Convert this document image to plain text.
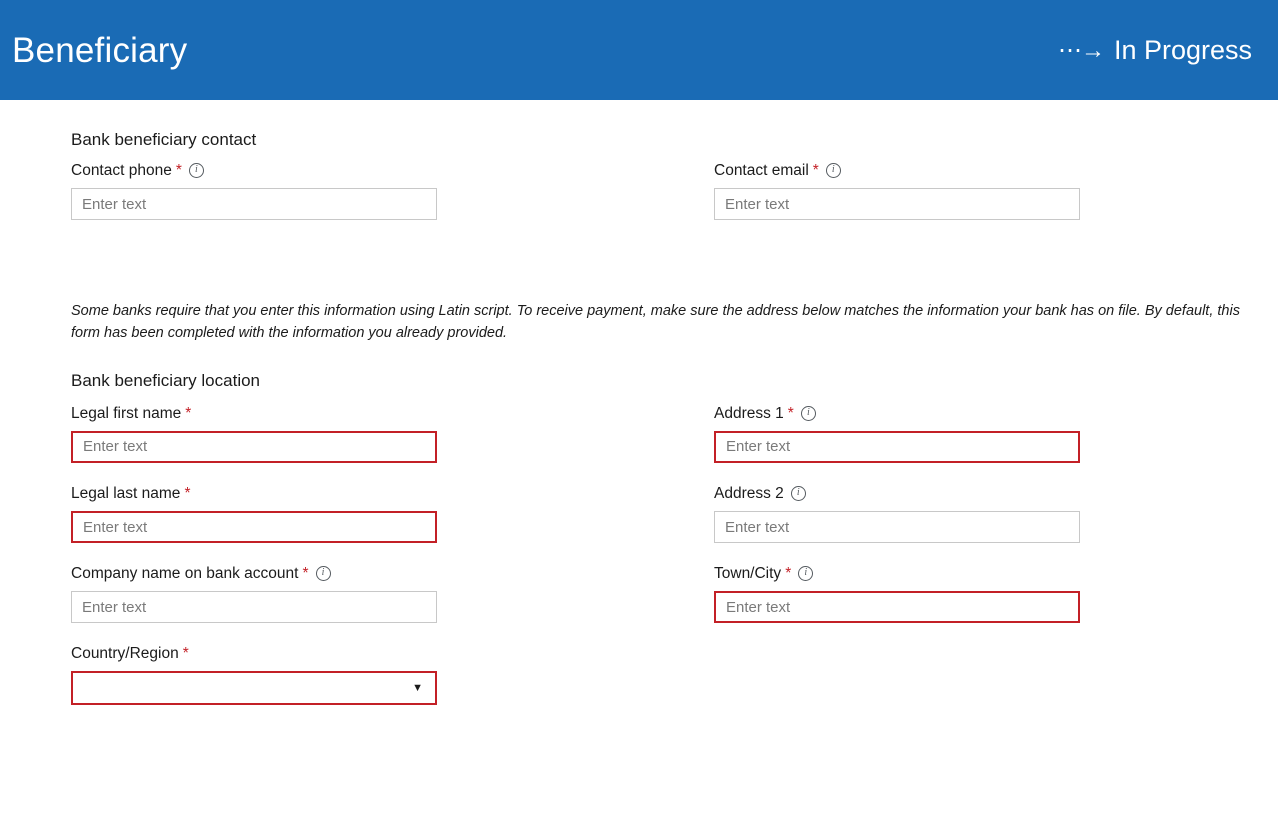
Beneficiary	⋯→ In Progress
Bank beneficiary contact
Contact phone * i
Enter text	Contact email * i
Enter text
Some banks require that you enter this information using Latin script. To receive payment, make sure the address below matches the information your bank has on file. By default, this form has been completed with the information you already provided.
Bank beneficiary location
Legal first name *
Enter text
Legal last name *
Enter text
Company name on bank account * i
Enter text
Country/Region *
▼
Address 1 * i
Enter text
Address 2 i
Enter text
Town/City * i
Enter text
